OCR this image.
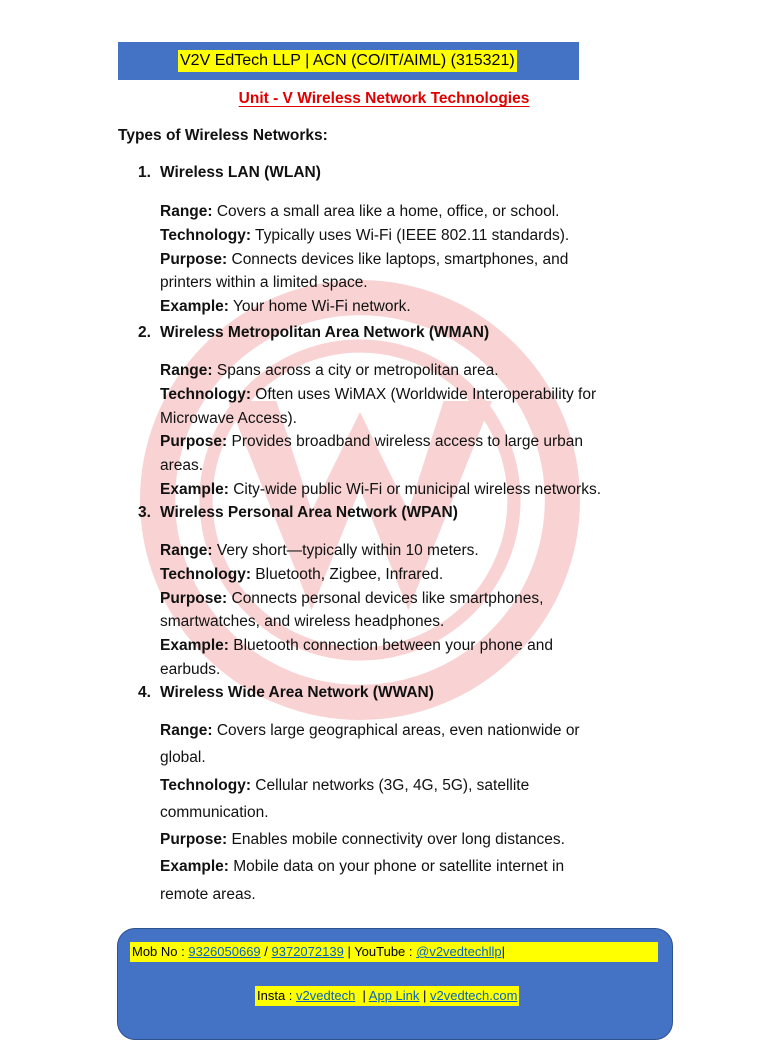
V2V EdTech LLP | ACN (CO/IT/AIML) (315321)
Unit - V Wireless Network Technologies
Types of Wireless Networks:
1. Wireless LAN (WLAN)
Range: Covers a small area like a home, office, or school.
Technology: Typically uses Wi-Fi (IEEE 802.11 standards).
Purpose: Connects devices like laptops, smartphones, and
printers within a limited space.
Example: Your home Wi-Fi network.
2. Wireless Metropolitan Area Network (WMAN)
Range: Spans across a city or metropolitan area.
Technology: Often uses WiMAX (Worldwide Interoperability for
Microwave Access).
Purpose: Provides broadband wireless access to large urban
areas.
Example: City-wide public Wi-Fi or municipal wireless networks.
3. Wireless Personal Area Network (WPAN)
Range: Very short—typically within 10 meters.
Technology: Bluetooth, Zigbee, Infrared.
Purpose: Connects personal devices like smartphones,
smartwatches, and wireless headphones.
Example: Bluetooth connection between your phone and
earbuds.
4. Wireless Wide Area Network (WWAN)
Range: Covers large geographical areas, even nationwide or
global.
Technology: Cellular networks (3G, 4G, 5G), satellite
communication.
Purpose: Enables mobile connectivity over long distances.
Example: Mobile data on your phone or satellite internet in
remote areas.
Mob No : 9326050669 / 9372072139 | YouTube : @v2vedtechllp|
Insta : v2vedtech  | App Link | v2vedtech.com
